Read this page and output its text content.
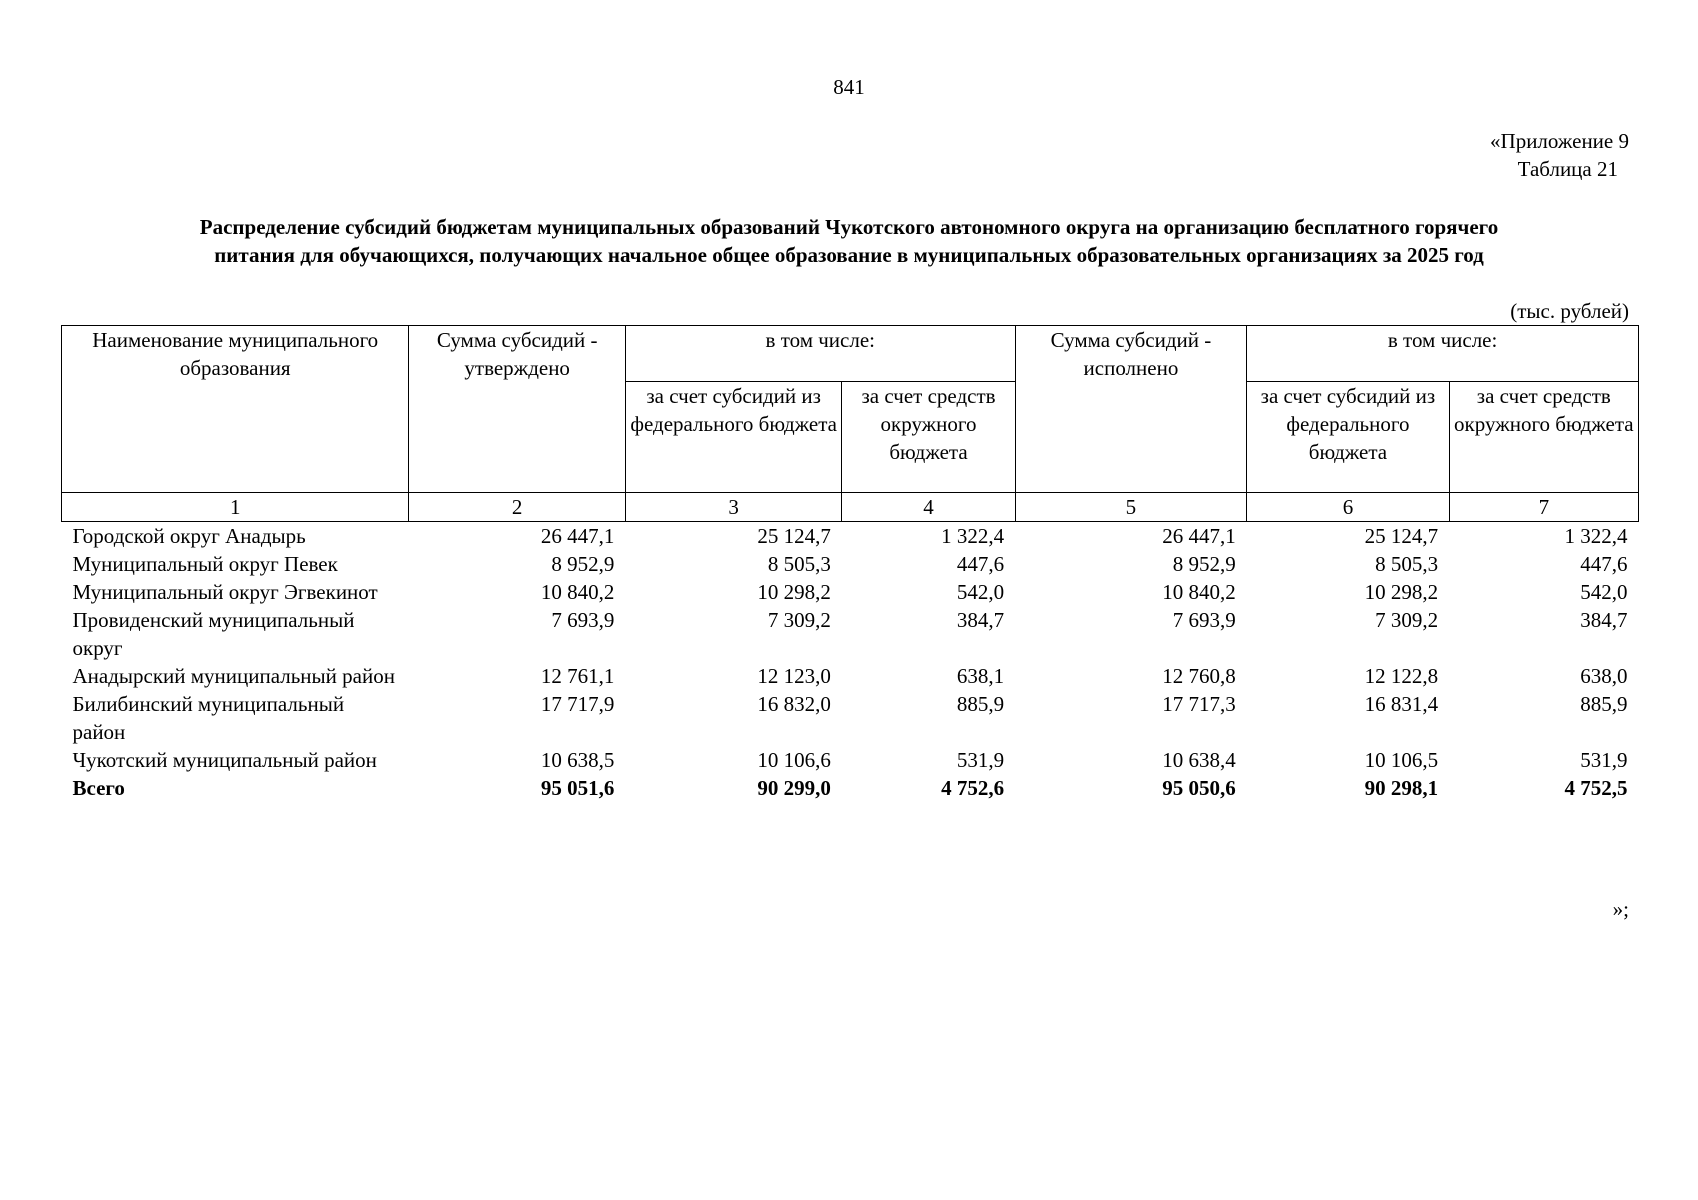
841
«Приложение 9
Таблица 21
Распределение субсидий бюджетам муниципальных образований Чукотского автономного округа на организацию бесплатного горячего
питания для обучающихся, получающих начальное общее образование в муниципальных образовательных организациях за 2025 год
(тыс. рублей)
Наименование муниципального образования	Сумма субсидий - утверждено	в том числе:		Сумма субсидий - исполнено	в том числе:	
		за счет субсидий из федерального бюджета	за счет средств окружного бюджета		за счет субсидий из федерального бюджета	за счет средств окружного бюджета
1	2	3	4	5	6	7
Городской округ Анадырь	26 447,1	25 124,7	1 322,4	26 447,1	25 124,7	1 322,4
Муниципальный округ Певек	8 952,9	8 505,3	447,6	8 952,9	8 505,3	447,6
Муниципальный округ Эгвекинот	10 840,2	10 298,2	542,0	10 840,2	10 298,2	542,0
Провиденский муниципальный округ	7 693,9	7 309,2	384,7	7 693,9	7 309,2	384,7
Анадырский муниципальный район	12 761,1	12 123,0	638,1	12 760,8	12 122,8	638,0
Билибинский муниципальный район	17 717,9	16 832,0	885,9	17 717,3	16 831,4	885,9
Чукотский муниципальный район	10 638,5	10 106,6	531,9	10 638,4	10 106,5	531,9
Всего	95 051,6	90 299,0	4 752,6	95 050,6	90 298,1	4 752,5
»;
